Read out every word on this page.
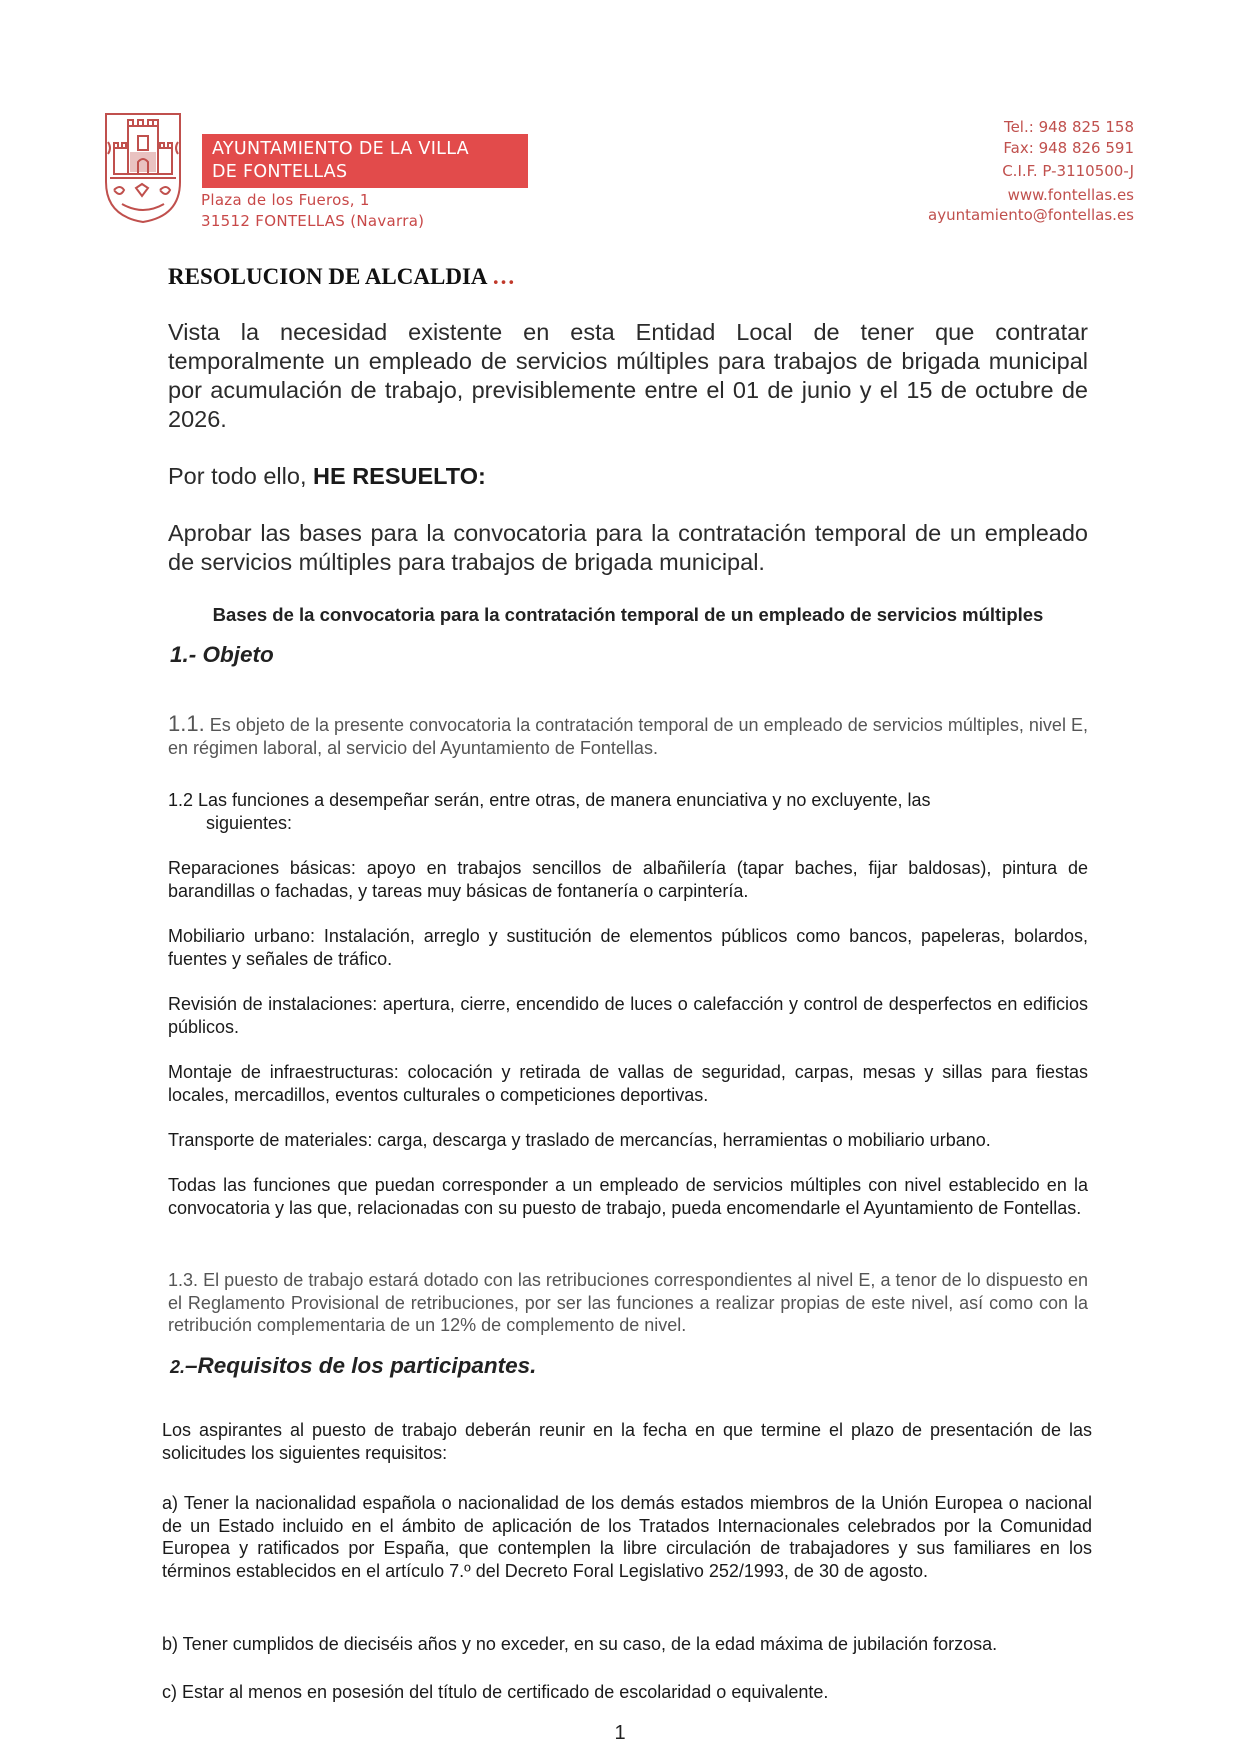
AYUNTAMIENTO DE LA VILLA
DE FONTELLAS
Plaza de los Fueros, 1
31512 FONTELLAS (Navarra)
Tel.: 948 825 158
Fax: 948 826 591
C.I.F. P-3110500-J
www.fontellas.es
ayuntamiento@fontellas.es
RESOLUCION DE ALCALDIA …
Vista la necesidad existente en esta Entidad Local de tener que contratar temporalmente un empleado de servicios múltiples para trabajos de brigada municipal por acumulación de trabajo, previsiblemente entre el 01 de junio y el 15 de octubre de 2026.
Por todo ello, HE RESUELTO:
Aprobar las bases para la convocatoria para la contratación temporal de un empleado de servicios múltiples para trabajos de brigada municipal.
Bases de la convocatoria para la contratación temporal de un empleado de servicios múltiples
1.- Objeto
1.1. Es objeto de la presente convocatoria la contratación temporal de un empleado de servicios múltiples, nivel E, en régimen laboral, al servicio del Ayuntamiento de Fontellas.
1.2 Las funciones a desempeñar serán, entre otras, de manera enunciativa y no excluyente, las
siguientes:
Reparaciones básicas: apoyo en trabajos sencillos de albañilería (tapar baches, fijar baldosas), pintura de barandillas o fachadas, y tareas muy básicas de fontanería o carpintería.
Mobiliario urbano: Instalación, arreglo y sustitución de elementos públicos como bancos, papeleras, bolardos, fuentes y señales de tráfico.
Revisión de instalaciones: apertura, cierre, encendido de luces o calefacción y control de desperfectos en edificios públicos.
Montaje de infraestructuras: colocación y retirada de vallas de seguridad, carpas, mesas y sillas para fiestas locales, mercadillos, eventos culturales o competiciones deportivas.
Transporte de materiales: carga, descarga y traslado de mercancías, herramientas o mobiliario urbano.
Todas las funciones que puedan corresponder a un empleado de servicios múltiples con nivel establecido en la convocatoria y las que, relacionadas con su puesto de trabajo, pueda encomendarle el Ayuntamiento de Fontellas.
1.3. El puesto de trabajo estará dotado con las retribuciones correspondientes al nivel E, a tenor de lo dispuesto en el Reglamento Provisional de retribuciones, por ser las funciones a realizar propias de este nivel, así como con la retribución complementaria de un 12% de complemento de nivel.
2.–Requisitos de los participantes.
Los aspirantes al puesto de trabajo deberán reunir en la fecha en que termine el plazo de presentación de las solicitudes los siguientes requisitos:
a) Tener la nacionalidad española o nacionalidad de los demás estados miembros de la Unión Europea o nacional de un Estado incluido en el ámbito de aplicación de los Tratados Internacionales celebrados por la Comunidad Europea y ratificados por España, que contemplen la libre circulación de trabajadores y sus familiares en los términos establecidos en el artículo 7.º del Decreto Foral Legislativo 252/1993, de 30 de agosto.
b) Tener cumplidos de dieciséis años y no exceder, en su caso, de la edad máxima de jubilación forzosa.
c) Estar al menos en posesión del título de certificado de escolaridad o equivalente.
1
